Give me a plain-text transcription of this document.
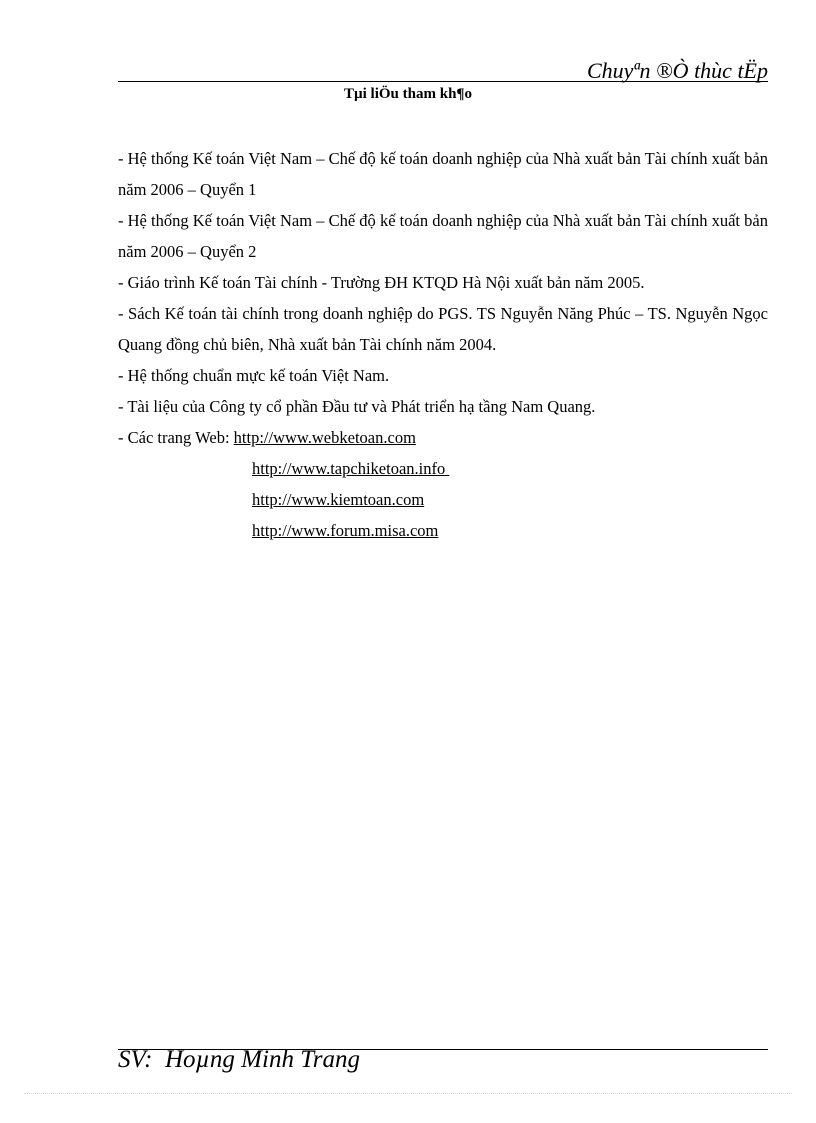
Chuyªn ®Ò thùc tËp
Tµi liÖu tham kh¶o

- Hệ thống Kế toán Việt Nam – Chế độ kế toán doanh nghiệp của Nhà xuất bản Tài chính xuất bản năm 2006 – Quyển 1

- Hệ thống Kế toán Việt Nam – Chế độ kế toán doanh nghiệp của Nhà xuất bản Tài chính xuất bản năm 2006 – Quyển 2

- Giáo trình Kế toán Tài chính - Trường ĐH KTQD Hà Nội xuất bản năm 2005.

- Sách Kế toán tài chính trong doanh nghiệp do PGS. TS Nguyễn Năng Phúc – TS. Nguyễn Ngọc Quang đồng chủ biên, Nhà xuất bản Tài chính năm 2004.

- Hệ thống chuẩn mực kế toán Việt Nam.

- Tài liệu của Công ty cổ phần Đầu tư và Phát triển hạ tầng Nam Quang.

- Các trang Web: http://www.webketoan.com

http://www.tapchiketoan.info

http://www.kiemtoan.com

http://www.forum.misa.com

SV:  Hoµng Minh Trang
